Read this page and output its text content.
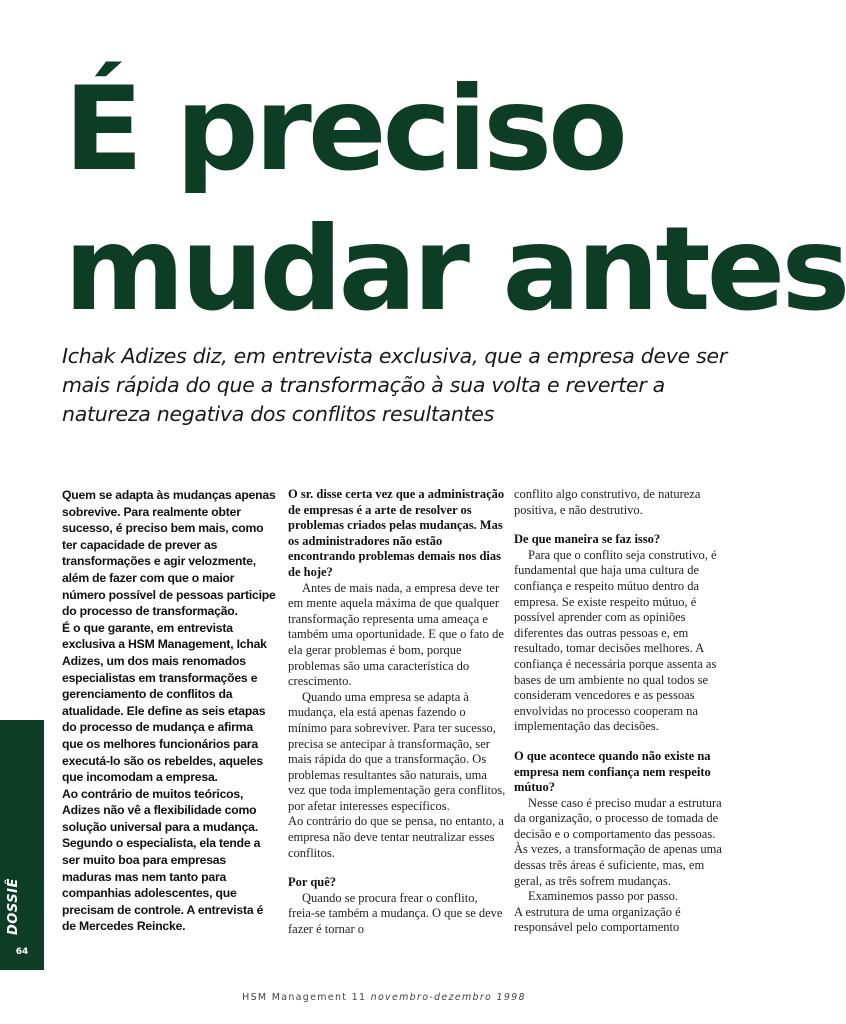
É preciso
mudar antes

Ichak Adizes diz, em entrevista exclusiva, que a empresa deve ser mais rápida do que a transformação à sua volta e reverter a natureza negativa dos conflitos resultantes

Quem se adapta às mudanças apenas sobrevive. Para realmente obter sucesso, é preciso bem mais, como ter capacidade de prever as transformações e agir velozmente, além de fazer com que o maior número possível de pessoas participe do processo de transformação.

É o que garante, em entrevista exclusiva a HSM Management, Ichak Adizes, um dos mais renomados especialistas em transformações e gerenciamento de conflitos da atualidade. Ele define as seis etapas do processo de mudança e afirma que os melhores funcionários para executá-lo são os rebeldes, aqueles que incomodam a empresa.

Ao contrário de muitos teóricos, Adizes não vê a flexibilidade como solução universal para a mudança. Segundo o especialista, ela tende a ser muito boa para empresas maduras mas nem tanto para companhias adolescentes, que precisam de controle. A entrevista é de Mercedes Reincke.

O sr. disse certa vez que a administração de empresas é a arte de resolver os problemas criados pelas mudanças. Mas os administradores não estão encontrando problemas demais nos dias de hoje?

Antes de mais nada, a empresa deve ter em mente aquela máxima de que qualquer transformação representa uma ameaça e também uma oportunidade. E que o fato de ela gerar problemas é bom, porque problemas são uma característica do crescimento.

Quando uma empresa se adapta à mudança, ela está apenas fazendo o mínimo para sobreviver. Para ter sucesso, precisa se antecipar à transformação, ser mais rápida do que a transformação. Os problemas resultantes são naturais, uma vez que toda implementação gera conflitos, por afetar interesses específicos.

Ao contrário do que se pensa, no entanto, a empresa não deve tentar neutralizar esses conflitos.

Por quê?

Quando se procura frear o conflito, freia-se também a mudança. O que se deve fazer é tornar o

conflito algo construtivo, de natureza positiva, e não destrutivo.

De que maneira se faz isso?

Para que o conflito seja construtivo, é fundamental que haja uma cultura de confiança e respeito mútuo dentro da empresa. Se existe respeito mútuo, é possível aprender com as opiniões diferentes das outras pessoas e, em resultado, tomar decisões melhores. A confiança é necessária porque assenta as bases de um ambiente no qual todos se consideram vencedores e as pessoas envolvidas no processo cooperam na implementação das decisões.

O que acontece quando não existe na empresa nem confiança nem respeito mútuo?

Nesse caso é preciso mudar a estrutura da organização, o processo de tomada de decisão e o comportamento das pessoas. Às vezes, a transformação de apenas uma dessas três áreas é suficiente, mas, em geral, as três sofrem mudanças.

Examinemos passo por passo.

A estrutura de uma organização é responsável pelo comportamento

DOSSIÊ
64
HSM Management 11 novembro-dezembro 1998
